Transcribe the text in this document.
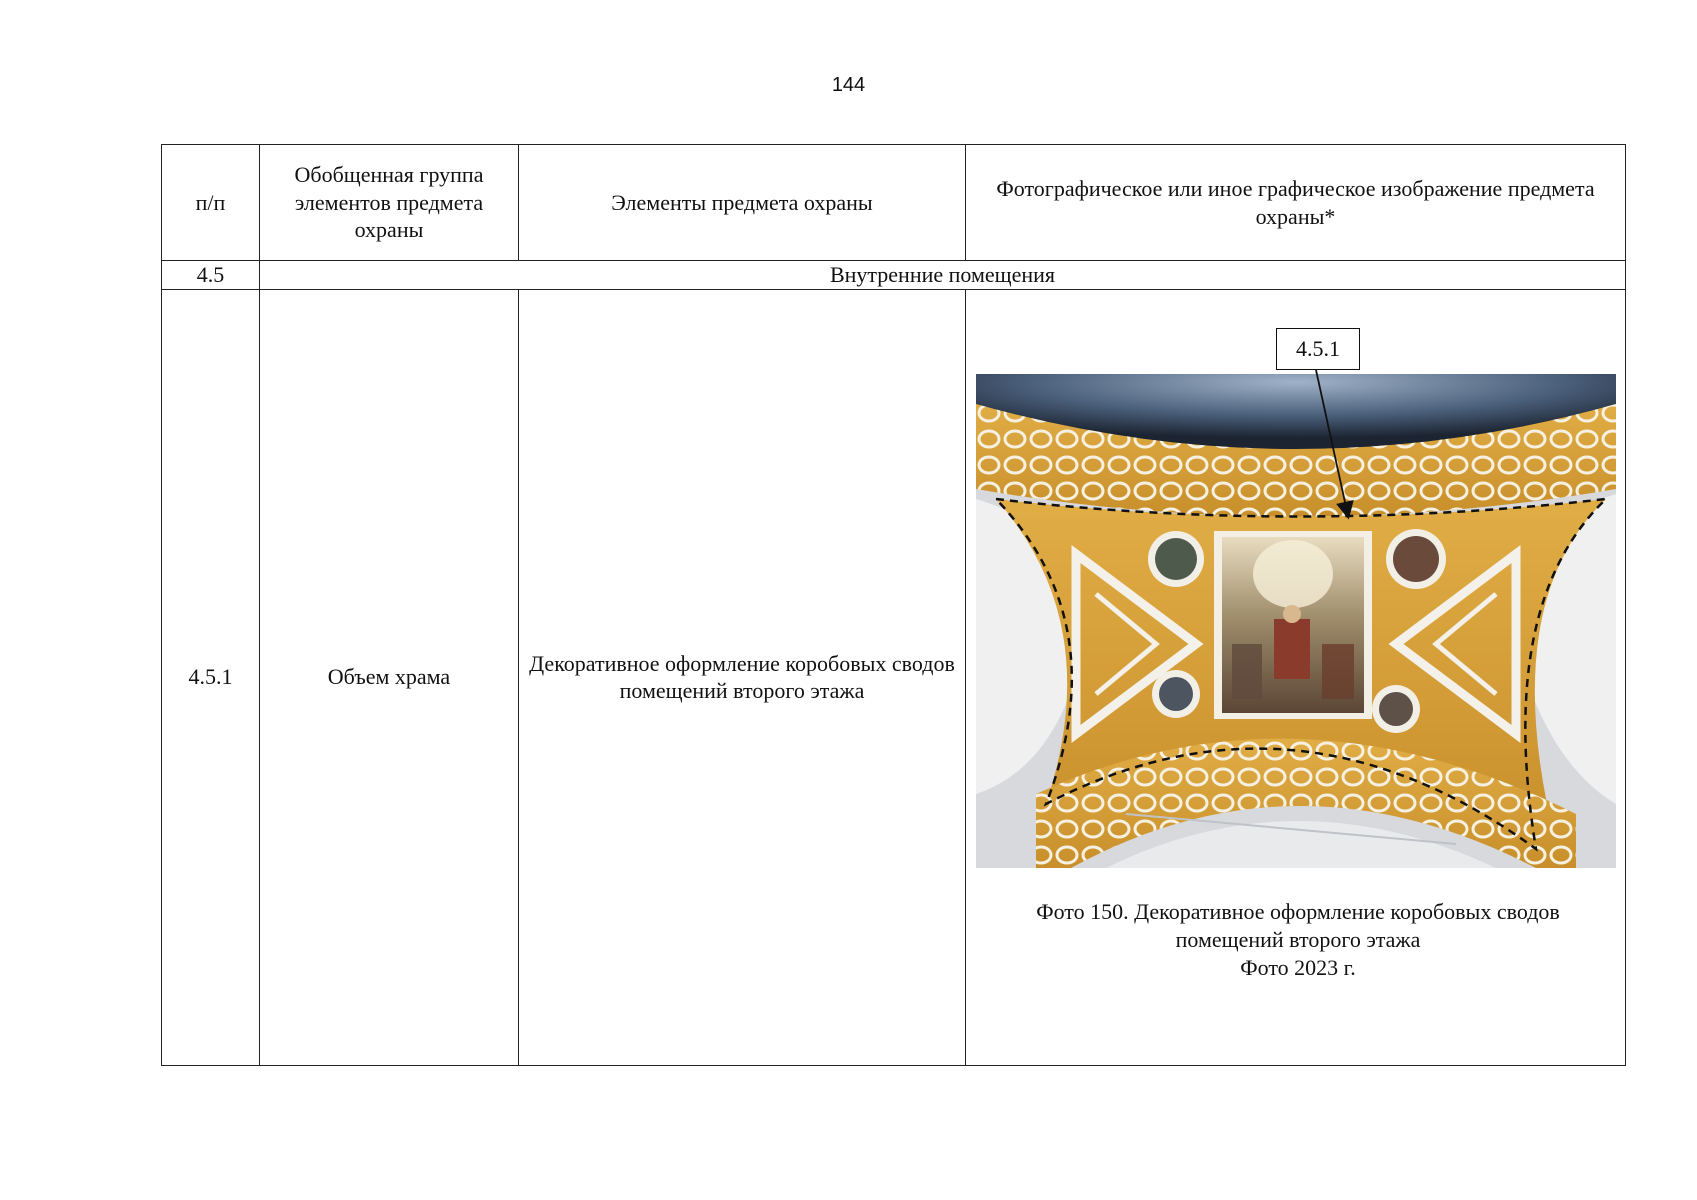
144
п/п	Обобщенная группа элементов предмета охраны	Элементы предмета охраны	Фотографическое или иное графическое изображение предмета охраны*
4.5	Внутренние помещения		
4.5.1	Объем храма	Декоративное оформление коробовых сводов помещений второго этажа	4.5.1
Фото 150. Декоративное оформление коробовых сводов
помещений второго этажа
Фото 2023 г.
